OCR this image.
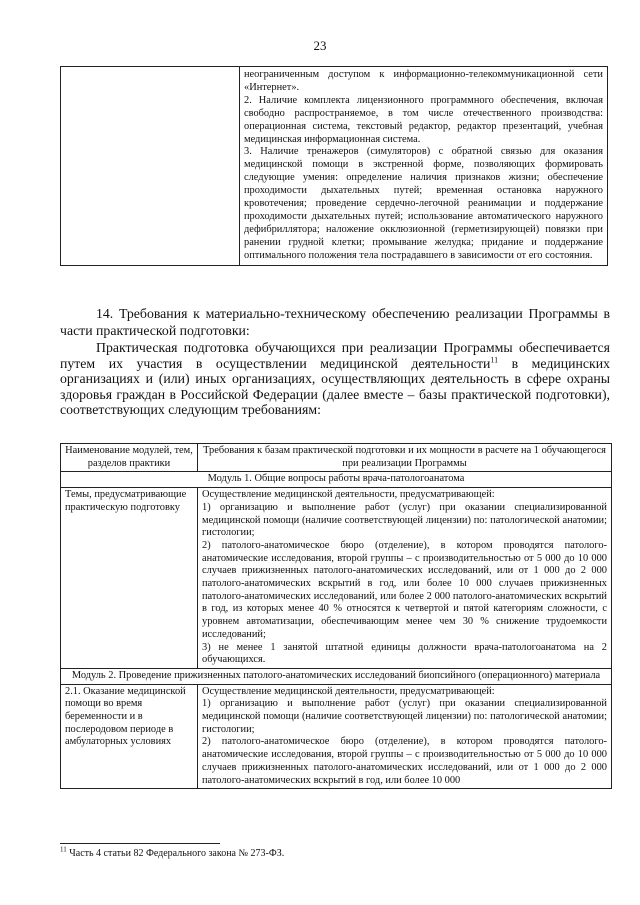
23

неограниченным доступом к информационно-телекоммуникационной сети «Интернет».

2. Наличие комплекта лицензионного программного обеспечения, включая свободно распространяемое, в том числе отечественного производства: операционная система, текстовый редактор, редактор презентаций, учебная медицинская информационная система.

3. Наличие тренажеров (симуляторов) с обратной связью для оказания медицинской помощи в экстренной форме, позволяющих формировать следующие умения: определение наличия признаков жизни; обеспечение проходимости дыхательных путей; временная остановка наружного кровотечения; проведение сердечно-легочной реанимации и поддержание проходимости дыхательных путей; использование автоматического наружного дефибриллятора; наложение окклюзионной (герметизирующей) повязки при ранении грудной клетки; промывание желудка; придание и поддержание оптимального положения тела пострадавшего в зависимости от его состояния.

14. Требования к материально-техническому обеспечению реализации Программы в части практической подготовки:

Практическая подготовка обучающихся при реализации Программы обеспечивается путем их участия в осуществлении медицинской деятельности$^{11}$ в медицинских организациях и (или) иных организациях, осуществляющих деятельность в сфере охраны здоровья граждан в Российской Федерации (далее вместе – базы практической подготовки), соответствующих следующим требованиям:

Наименование модулей, тем, разделов практики	Требования к базам практической подготовки и их мощности в расчете на 1 обучающегося при реализации Программы
Модуль 1. Общие вопросы работы врача-патологоанатома	
Темы, предусматривающие практическую подготовку	Осуществление медицинской деятельности, предусматривающей:

1) организацию и выполнение работ (услуг) при оказании специализированной медицинской помощи (наличие соответствующей лицензии) по: патологической анатомии; гистологии;

2) патолого-анатомическое бюро (отделение), в котором проводятся патолого-анатомические исследования, второй группы – с производительностью от 5 000 до 10 000 случаев прижизненных патолого-анатомических исследований, или от 1 000 до 2 000 патолого-анатомических вскрытий в год, или более 10 000 случаев прижизненных патолого-анатомических исследований, или более 2 000 патолого-анатомических вскрытий в год, из которых менее 40 % относятся к четвертой и пятой категориям сложности, с уровнем автоматизации, обеспечивающим менее чем 30 % снижение трудоемкости исследований;

3) не менее 1 занятой штатной единицы должности врача-патологоанатома на 2 обучающихся.

Модуль 2. Проведение прижизненных патолого-анатомических исследований биопсийного (операционного) материала	
2.1. Оказание медицинской помощи во время беременности и в послеродовом периоде в амбулаторных условиях	Осуществление медицинской деятельности, предусматривающей:

1) организацию и выполнение работ (услуг) при оказании специализированной медицинской помощи (наличие соответствующей лицензии) по: патологической анатомии; гистологии;

2) патолого-анатомическое бюро (отделение), в котором проводятся патолого-анатомические исследования, второй группы – с производительностью от 5 000 до 10 000 случаев прижизненных патолого-анатомических исследований, или от 1 000 до 2 000 патолого-анатомических вскрытий в год, или более 10 000

$^{11}$ Часть 4 статьи 82 Федерального закона № 273-ФЗ.
